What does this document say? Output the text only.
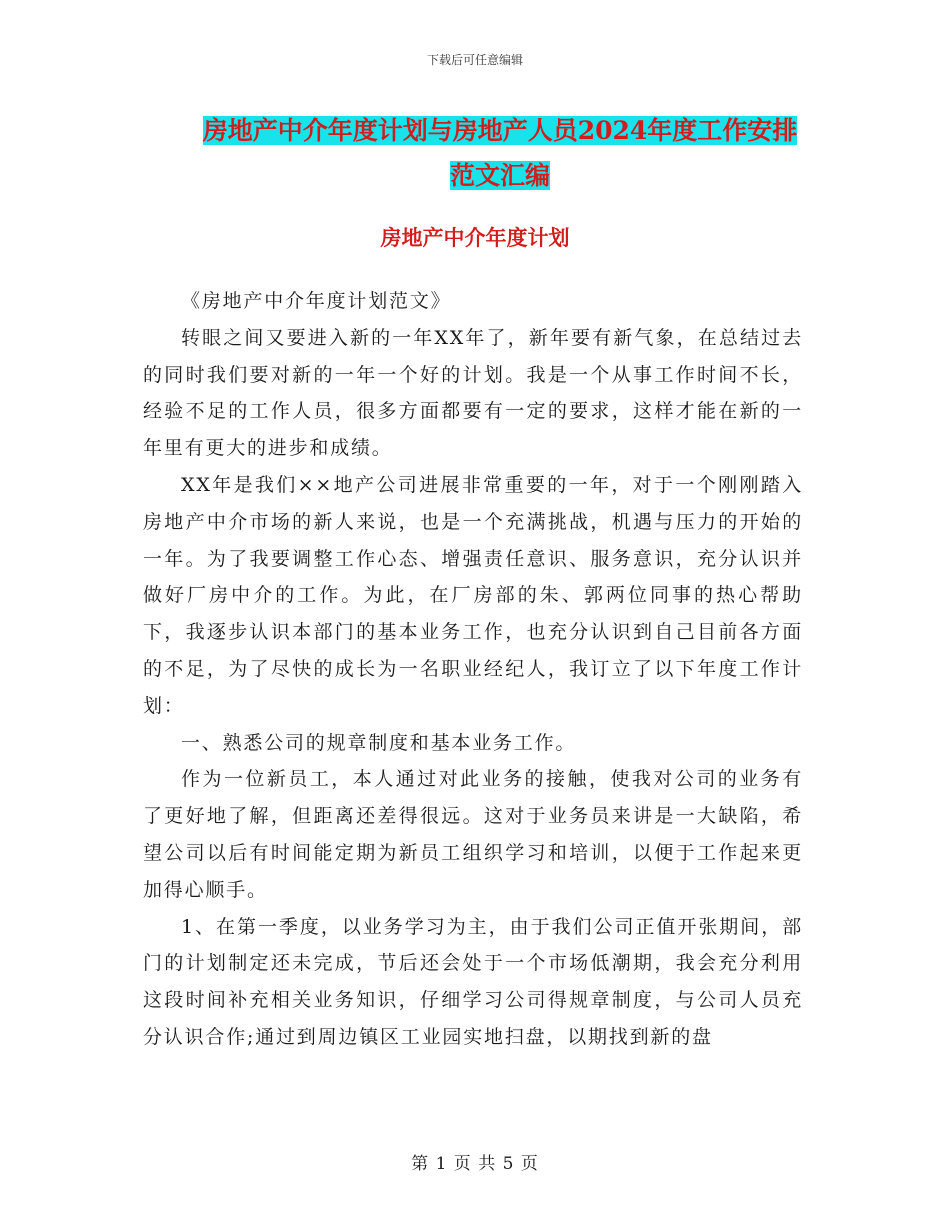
下载后可任意编辑
房地产中介年度计划与房地产人员2024年度工作安排
范文汇编
房地产中介年度计划

《房地产中介年度计划范文》

转眼之间又要进入新的一年XX年了，新年要有新气象，在总结过去的同时我们要对新的一年一个好的计划。我是一个从事工作时间不长，经验不足的工作人员，很多方面都要有一定的要求，这样才能在新的一年里有更大的进步和成绩。

XX年是我们××地产公司进展非常重要的一年，对于一个刚刚踏入房地产中介市场的新人来说，也是一个充满挑战，机遇与压力的开始的一年。为了我要调整工作心态、增强责任意识、服务意识，充分认识并做好厂房中介的工作。为此，在厂房部的朱、郭两位同事的热心帮助下，我逐步认识本部门的基本业务工作，也充分认识到自己目前各方面的不足，为了尽快的成长为一名职业经纪人，我订立了以下年度工作计划：

一、熟悉公司的规章制度和基本业务工作。

作为一位新员工，本人通过对此业务的接触，使我对公司的业务有了更好地了解，但距离还差得很远。这对于业务员来讲是一大缺陷，希望公司以后有时间能定期为新员工组织学习和培训，以便于工作起来更加得心顺手。

1、在第一季度，以业务学习为主，由于我们公司正值开张期间，部门的计划制定还未完成，节后还会处于一个市场低潮期，我会充分利用这段时间补充相关业务知识，仔细学习公司得规章制度，与公司人员充分认识合作;通过到周边镇区工业园实地扫盘，以期找到新的盘

第 1 页 共 5 页
